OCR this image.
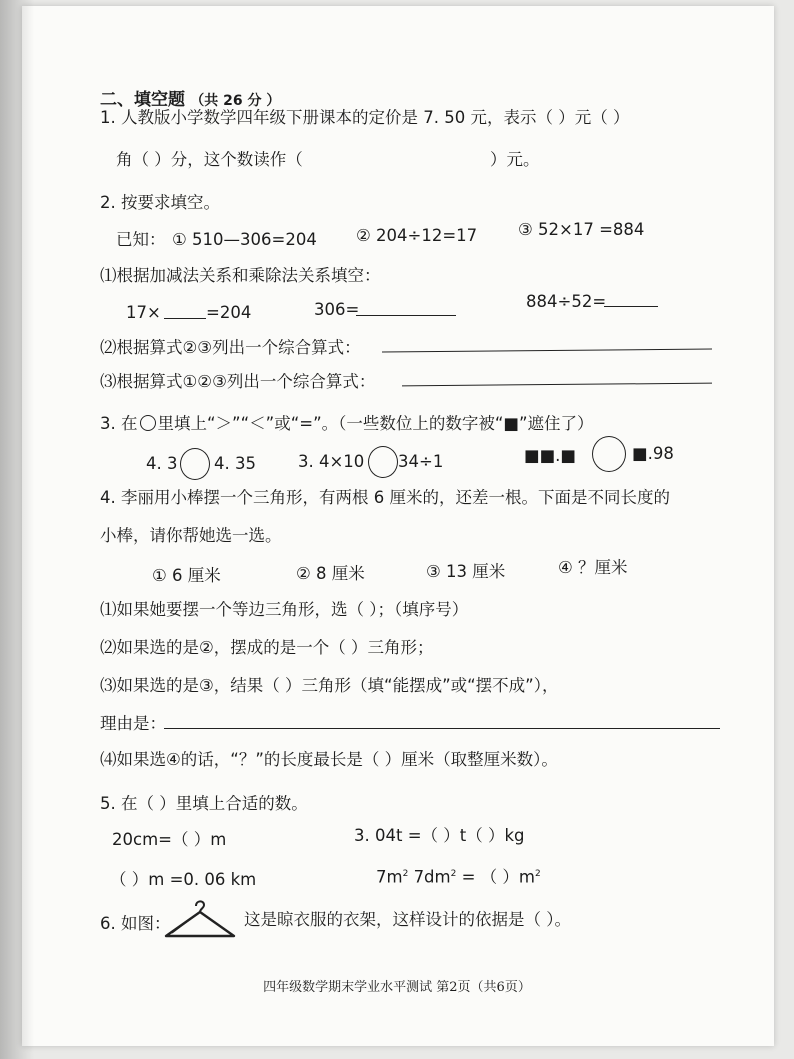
二、填空题 （共 26 分 ）
1. 人教版小学数学四年级下册课本的定价是 7. 50 元，表示（ ）元（ ）
角（ ）分，这个数读作（	）元。
2. 按要求填空。
已知： ① 510—306=204 ② 204÷12=17 ③ 52×17 =884
⑴根据加减法关系和乘除法关系填空：
17×	=204	306=	884÷52=
⑵根据算式②③列出一个综合算式：
⑶根据算式①②③列出一个综合算式：
3. 在 里填上“＞”“＜”或“=”。（一些数位上的数字被“■”遮住了）
4. 3 4. 35	3. 4×10 34÷1	■■.■	■.98
4. 李丽用小棒摆一个三角形，有两根 6 厘米的，还差一根。下面是不同长度的
小棒，请你帮她选一选。
① 6 厘米	② 8 厘米	③ 13 厘米	④ ？厘米
⑴如果她要摆一个等边三角形，选（ ）；（填序号）
⑵如果选的是②，摆成的是一个（ ）三角形；
⑶如果选的是③，结果（ ）三角形（填“能摆成”或“摆不成”），
理由是：
⑷如果选④的话，“？”的长度最长是（ ）厘米（取整厘米数）。
5. 在（ ）里填上合适的数。
20cm=（ ）m	3. 04t =（ ）t（ ）kg
（ ）m =0. 06 km	$7m^2$ $7dm^2$ = （ ）$m^2$
6. 如图：	这是晾衣服的衣架，这样设计的依据是（ ）。
四年级数学期末学业水平测试 第2页（共6页）
